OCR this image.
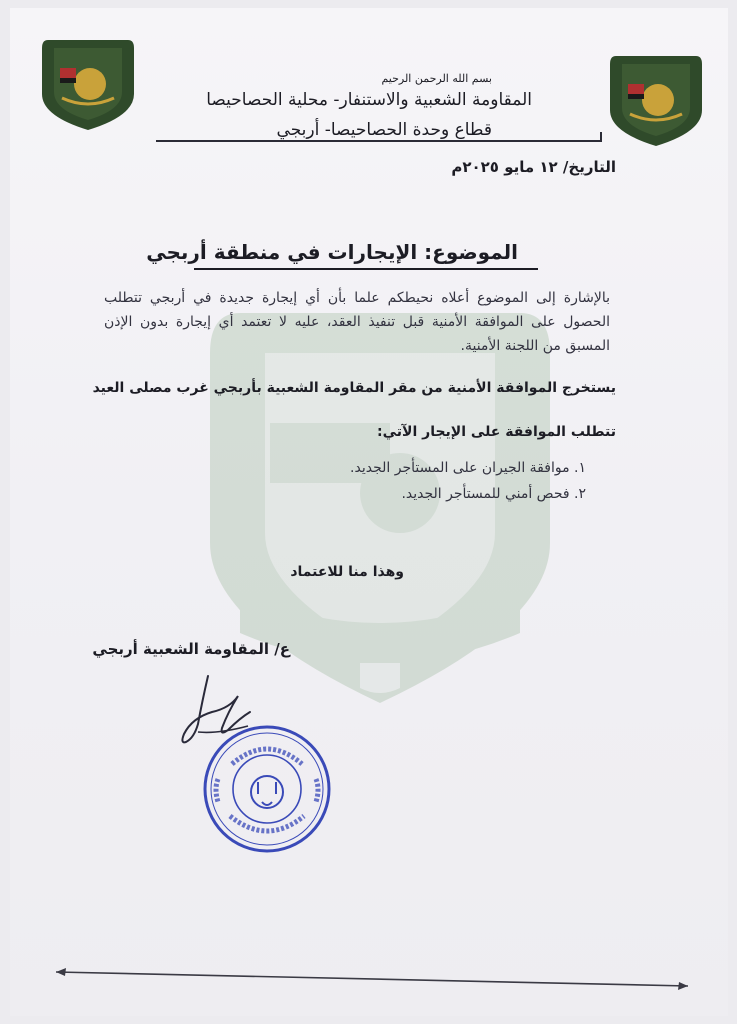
بسم الله الرحمن الرحيم
المقاومة الشعبية والاستنفار- محلية الحصاحيصا
قطاع وحدة الحصاحيصا- أربجي
التاريخ/ ١٢ مايو ٢٠٢٥م
الموضوع: الإيجارات في منطقة أربجي
بالإشارة إلى الموضوع أعلاه نحيطكم علما بأن أي إيجارة جديدة في أربجي تتطلب الحصول على الموافقة الأمنية قبل تنفيذ العقد، عليه لا تعتمد أي إيجارة بدون الإذن المسبق من اللجنة الأمنية.
يستخرج الموافقة الأمنية من مقر المقاومة الشعبية بأربجي غرب مصلى العيد
تتطلب الموافقة على الإيجار الآتي:
١. موافقة الجيران على المستأجر الجديد.
٢. فحص أمني للمستأجر الجديد.
وهذا منا للاعتماد
ع/ المقاومة الشعبية أربجي
